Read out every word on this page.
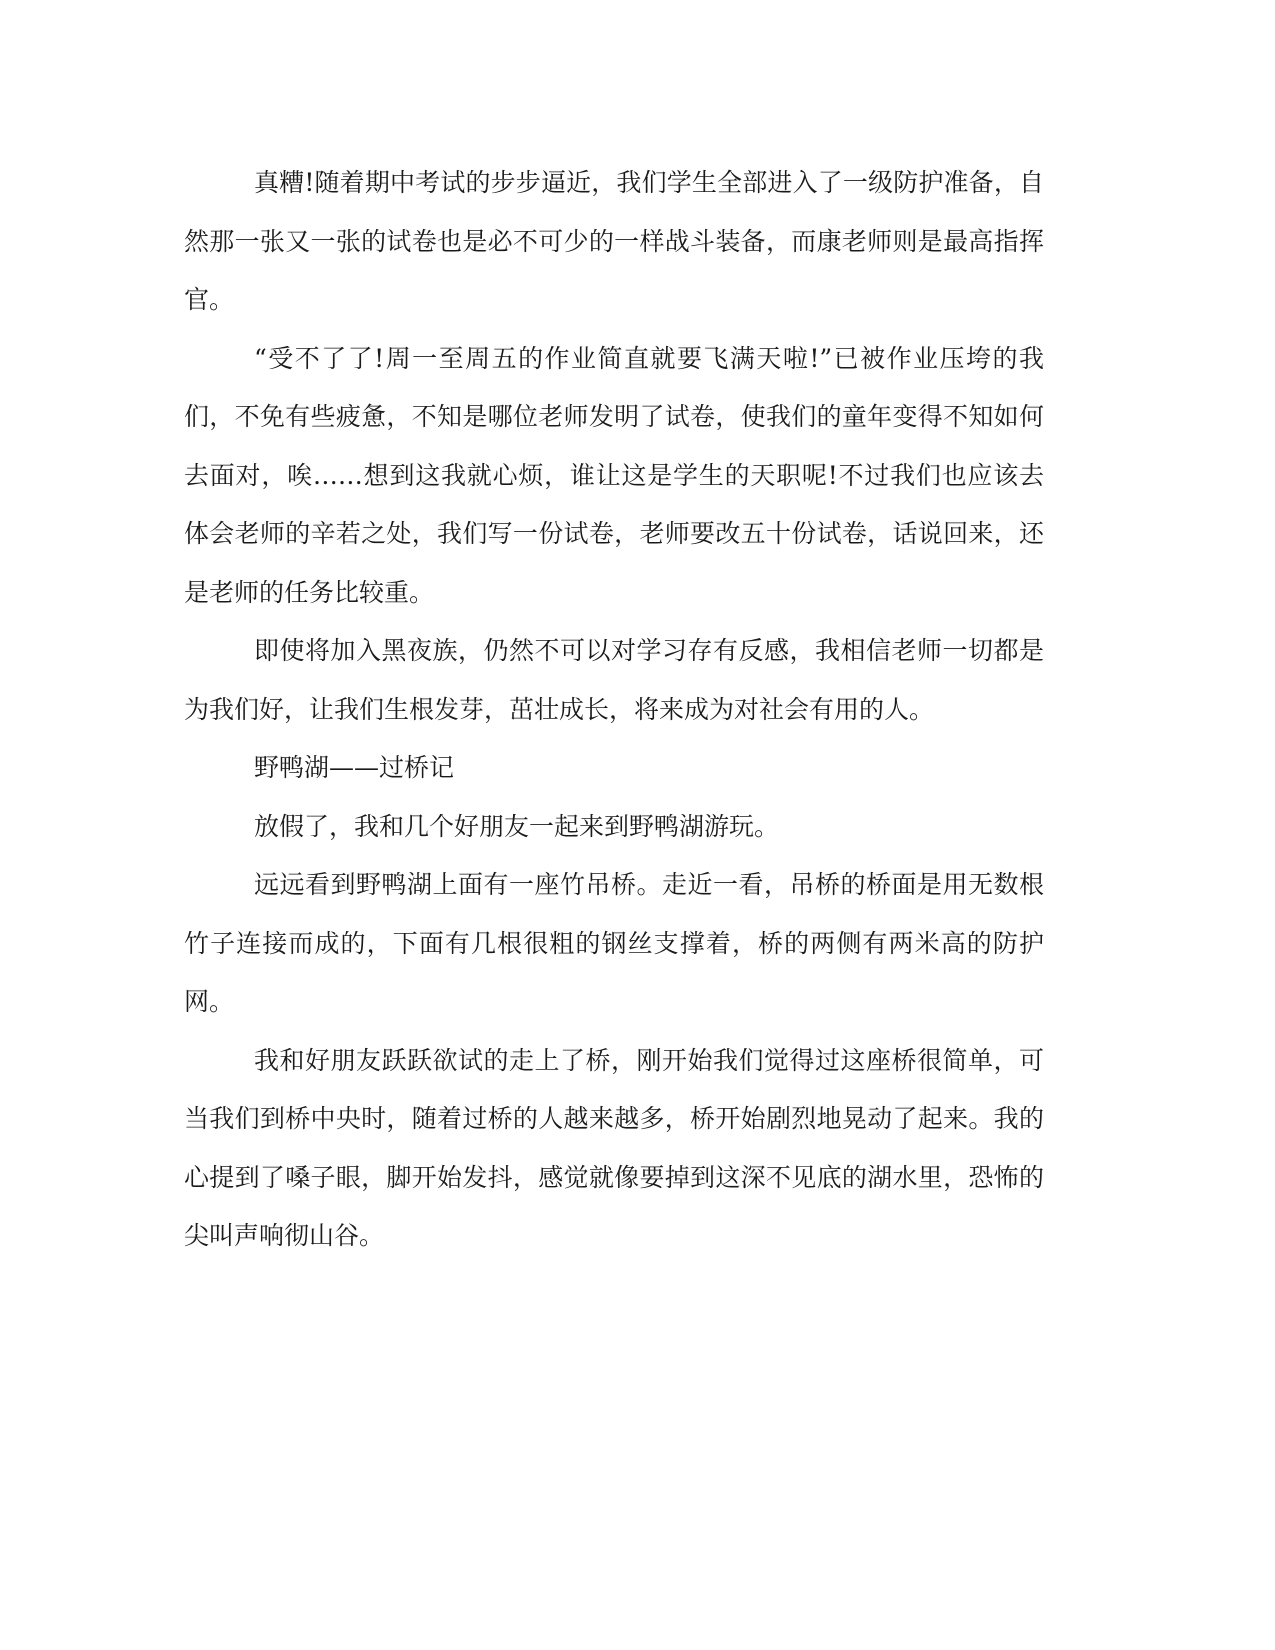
真糟!随着期中考试的步步逼近，我们学生全部进入了一级防护准备，自然那一张又一张的试卷也是必不可少的一样战斗装备，而康老师则是最高指挥官。

“受不了了!周一至周五的作业简直就要飞满天啦!”已被作业压垮的我们，不免有些疲惫，不知是哪位老师发明了试卷，使我们的童年变得不知如何去面对，唉……想到这我就心烦，谁让这是学生的天职呢!不过我们也应该去体会老师的辛若之处，我们写一份试卷，老师要改五十份试卷，话说回来，还是老师的任务比较重。

即使将加入黑夜族，仍然不可以对学习存有反感，我相信老师一切都是为我们好，让我们生根发芽，茁壮成长，将来成为对社会有用的人。

野鸭湖——过桥记

放假了，我和几个好朋友一起来到野鸭湖游玩。

远远看到野鸭湖上面有一座竹吊桥。走近一看，吊桥的桥面是用无数根竹子连接而成的，下面有几根很粗的钢丝支撑着，桥的两侧有两米高的防护网。

我和好朋友跃跃欲试的走上了桥，刚开始我们觉得过这座桥很简单，可当我们到桥中央时，随着过桥的人越来越多，桥开始剧烈地晃动了起来。我的心提到了嗓子眼，脚开始发抖，感觉就像要掉到这深不见底的湖水里，恐怖的尖叫声响彻山谷。
